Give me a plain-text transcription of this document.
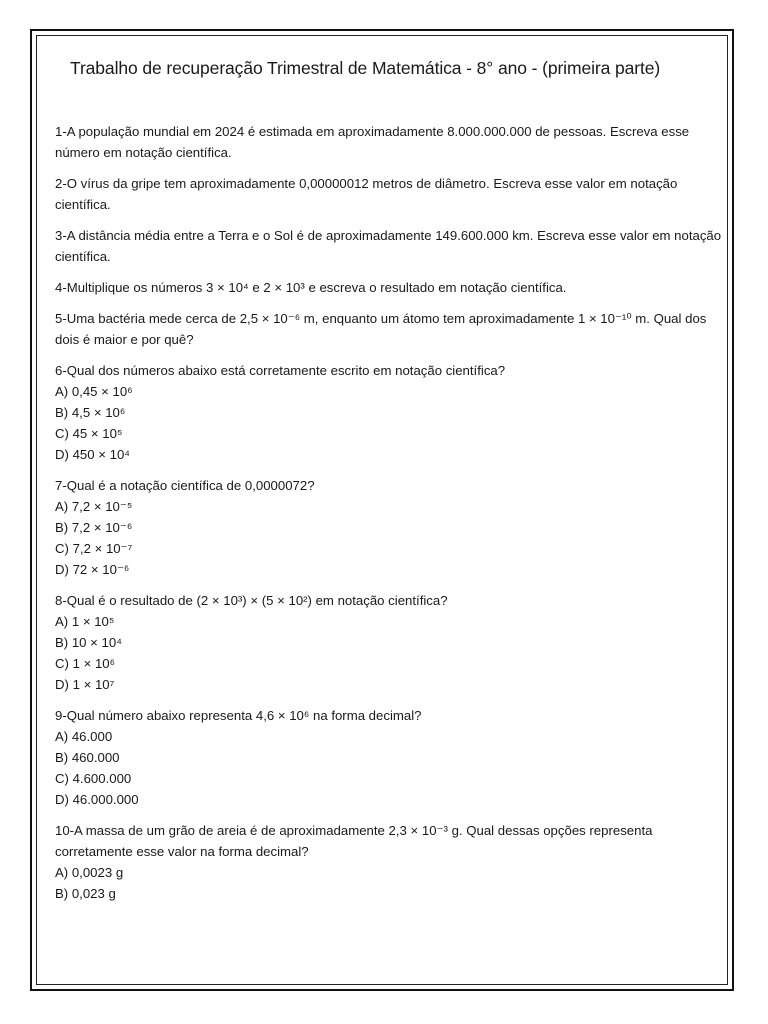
Trabalho de recuperação Trimestral de Matemática - 8° ano - (primeira parte)

1-A população mundial em 2024 é estimada em aproximadamente 8.000.000.000 de pessoas. Escreva esse número em notação científica.

2-O vírus da gripe tem aproximadamente 0,00000012 metros de diâmetro. Escreva esse valor em notação científica.

3-A distância média entre a Terra e o Sol é de aproximadamente 149.600.000 km. Escreva esse valor em notação científica.

4-Multiplique os números 3 × 10⁴ e 2 × 10³ e escreva o resultado em notação científica.

5-Uma bactéria mede cerca de 2,5 × 10⁻⁶ m, enquanto um átomo tem aproximadamente 1 × 10⁻¹⁰ m. Qual dos dois é maior e por quê?

6-Qual dos números abaixo está corretamente escrito em notação científica?

A) 0,45 × 10⁶
B) 4,5 × 10⁶
C) 45 × 10⁵
D) 450 × 10⁴

7-Qual é a notação científica de 0,0000072?

A) 7,2 × 10⁻⁵
B) 7,2 × 10⁻⁶
C) 7,2 × 10⁻⁷
D) 72 × 10⁻⁶

8-Qual é o resultado de (2 × 10³) × (5 × 10²) em notação científica?

A) 1 × 10⁵
B) 10 × 10⁴
C) 1 × 10⁶
D) 1 × 10⁷

9-Qual número abaixo representa 4,6 × 10⁶ na forma decimal?

A) 46.000
B) 460.000
C) 4.600.000
D) 46.000.000

10-A massa de um grão de areia é de aproximadamente 2,3 × 10⁻³ g. Qual dessas opções representa corretamente esse valor na forma decimal?

A) 0,0023 g
B) 0,023 g
